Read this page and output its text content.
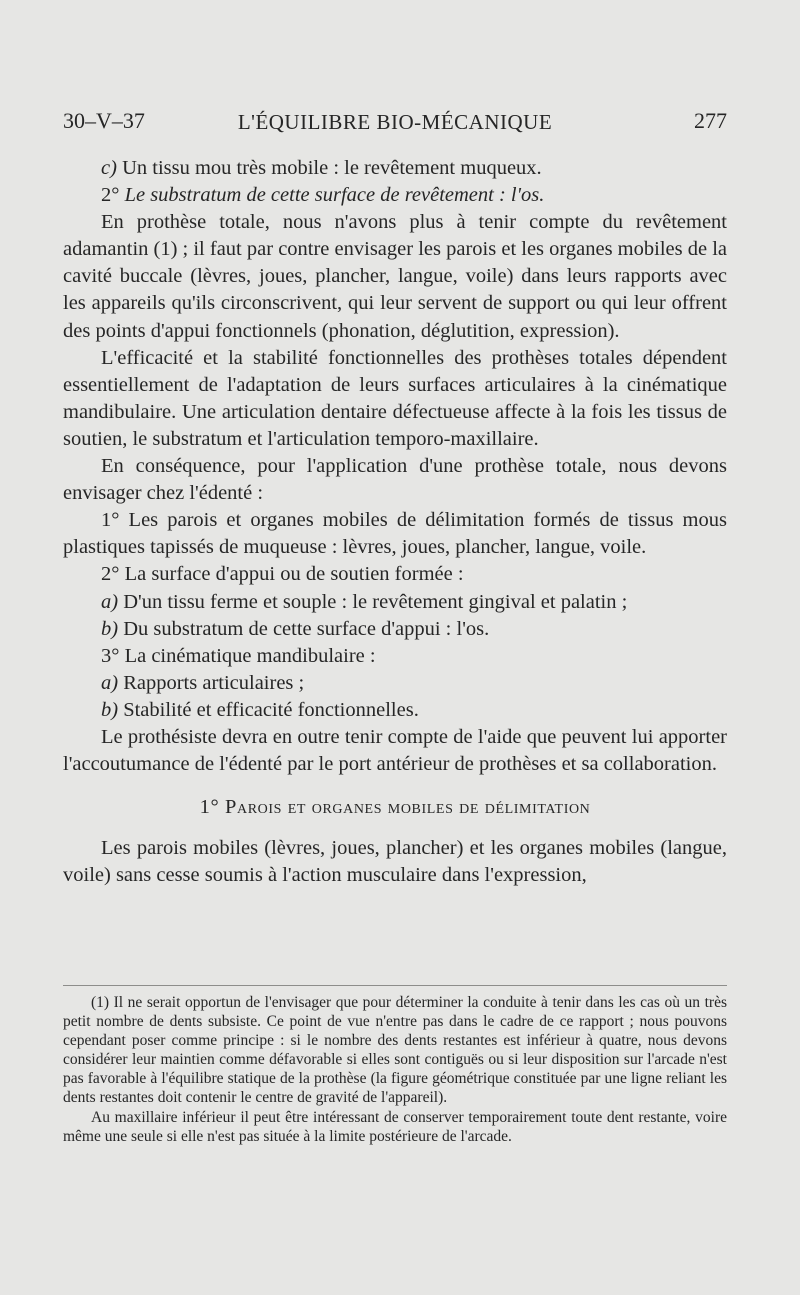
30–V–37	L'ÉQUILIBRE BIO-MÉCANIQUE	277

c) Un tissu mou très mobile : le revêtement muqueux.

2° Le substratum de cette surface de revêtement : l'os.

En prothèse totale, nous n'avons plus à tenir compte du revêtement adamantin (1) ; il faut par contre envisager les parois et les organes mobiles de la cavité buccale (lèvres, joues, plancher, langue, voile) dans leurs rapports avec les appareils qu'ils circonscrivent, qui leur servent de support ou qui leur offrent des points d'appui fonctionnels (phonation, déglutition, expression).

L'efficacité et la stabilité fonctionnelles des prothèses totales dépendent essentiellement de l'adaptation de leurs surfaces articulaires à la cinématique mandibulaire. Une articulation dentaire défectueuse affecte à la fois les tissus de soutien, le substratum et l'articulation temporo-maxillaire.

En conséquence, pour l'application d'une prothèse totale, nous devons envisager chez l'édenté :

1° Les parois et organes mobiles de délimitation formés de tissus mous plastiques tapissés de muqueuse : lèvres, joues, plancher, langue, voile.

2° La surface d'appui ou de soutien formée :

a) D'un tissu ferme et souple : le revêtement gingival et palatin ;

b) Du substratum de cette surface d'appui : l'os.

3° La cinématique mandibulaire :

a) Rapports articulaires ;

b) Stabilité et efficacité fonctionnelles.

Le prothésiste devra en outre tenir compte de l'aide que peuvent lui apporter l'accoutumance de l'édenté par le port antérieur de prothèses et sa collaboration.

1° Parois et organes mobiles de délimitation

Les parois mobiles (lèvres, joues, plancher) et les organes mobiles (langue, voile) sans cesse soumis à l'action musculaire dans l'expression,

(1) Il ne serait opportun de l'envisager que pour déterminer la conduite à tenir dans les cas où un très petit nombre de dents subsiste. Ce point de vue n'entre pas dans le cadre de ce rapport ; nous pouvons cependant poser comme principe : si le nombre des dents restantes est inférieur à quatre, nous devons considérer leur maintien comme défavorable si elles sont contiguës ou si leur disposition sur l'arcade n'est pas favorable à l'équilibre statique de la prothèse (la figure géométrique constituée par une ligne reliant les dents restantes doit contenir le centre de gravité de l'appareil).

Au maxillaire inférieur il peut être intéressant de conserver temporairement toute dent restante, voire même une seule si elle n'est pas située à la limite postérieure de l'arcade.
